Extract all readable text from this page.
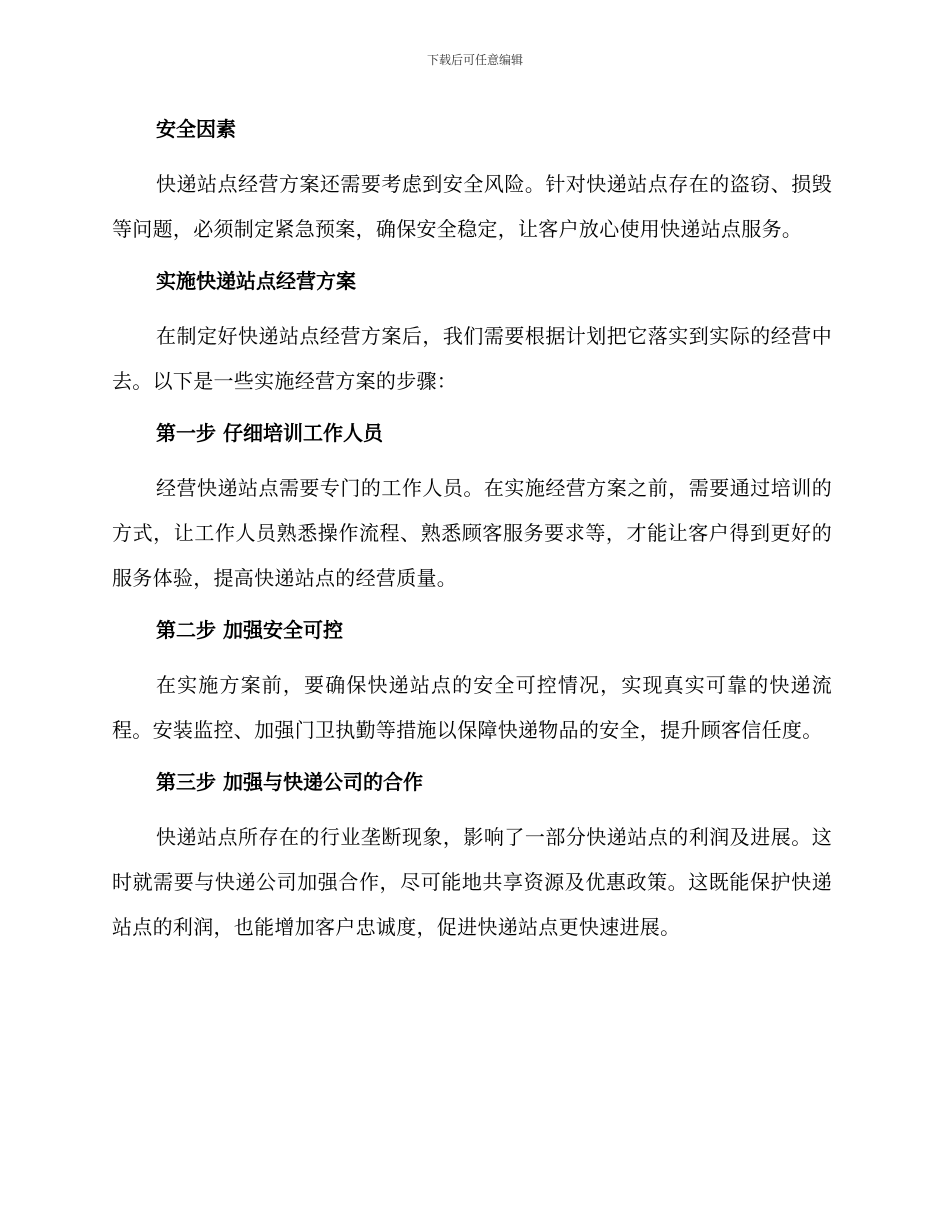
下载后可任意编辑

安全因素

快递站点经营方案还需要考虑到安全风险。针对快递站点存在的盗窃、损毁等问题，必须制定紧急预案，确保安全稳定，让客户放心使用快递站点服务。

实施快递站点经营方案

在制定好快递站点经营方案后，我们需要根据计划把它落实到实际的经营中去。以下是一些实施经营方案的步骤：

第一步 仔细培训工作人员

经营快递站点需要专门的工作人员。在实施经营方案之前，需要通过培训的方式，让工作人员熟悉操作流程、熟悉顾客服务要求等，才能让客户得到更好的服务体验，提高快递站点的经营质量。

第二步 加强安全可控

在实施方案前，要确保快递站点的安全可控情况，实现真实可靠的快递流程。安装监控、加强门卫执勤等措施以保障快递物品的安全，提升顾客信任度。

第三步 加强与快递公司的合作

快递站点所存在的行业垄断现象，影响了一部分快递站点的利润及进展。这时就需要与快递公司加强合作，尽可能地共享资源及优惠政策。这既能保护快递站点的利润，也能增加客户忠诚度，促进快递站点更快速进展。
